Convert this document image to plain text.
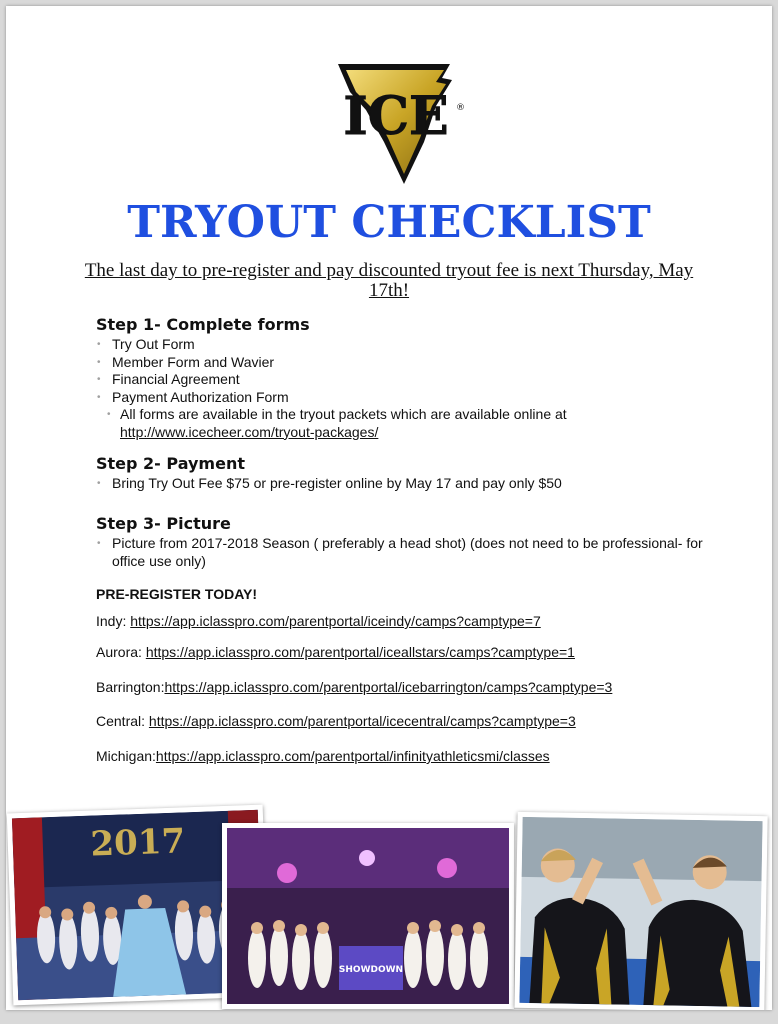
ICE ®
TRYOUT CHECKLIST
The last day to pre-register and pay discounted tryout fee is next Thursday, May 17th!
Step 1- Complete forms
• Try Out Form
• Member Form and Wavier
• Financial Agreement
• Payment Authorization Form
• All forms are available in the tryout packets which are available online at http://www.icecheer.com/tryout-packages/
Step 2- Payment
• Bring Try Out Fee $75 or pre-register online by May 17 and pay only $50
Step 3- Picture
• Picture from 2017-2018 Season ( preferably a head shot) (does not need to be professional- for office use only)
PRE-REGISTER TODAY!
Indy: https://app.iclasspro.com/parentportal/iceindy/camps?camptype=7
Aurora: https://app.iclasspro.com/parentportal/iceallstars/camps?camptype=1
Barrington:https://app.iclasspro.com/parentportal/icebarrington/camps?camptype=3
Central: https://app.iclasspro.com/parentportal/icecentral/camps?camptype=3
Michigan:https://app.iclasspro.com/parentportal/infinityathleticsmi/classes
2017
SHOWDOWN
